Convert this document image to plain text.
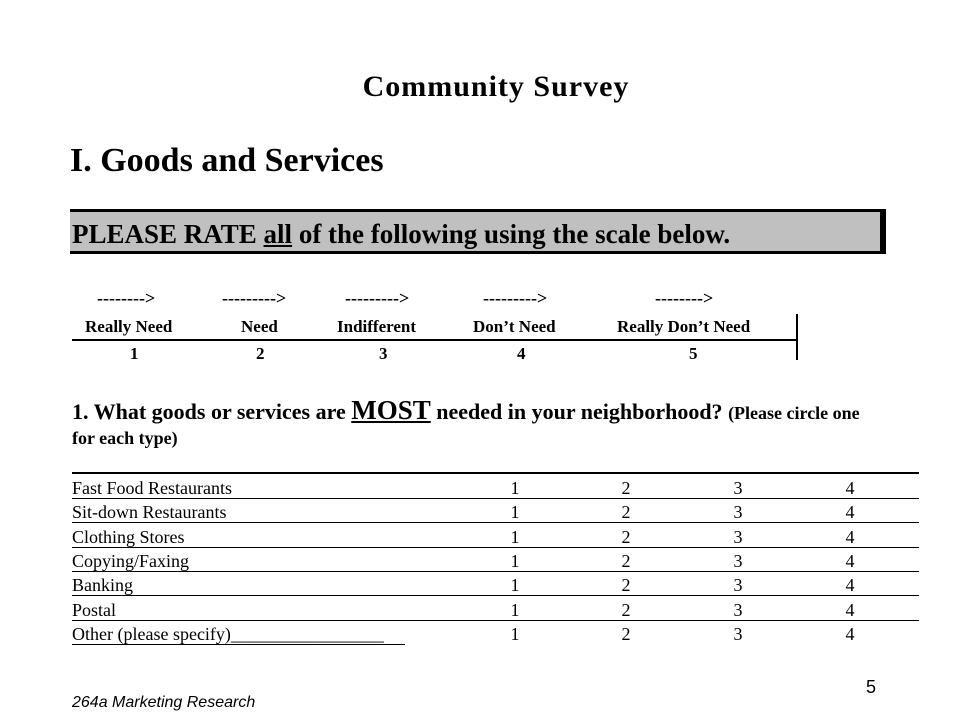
Community Survey
I. Goods and Services
PLEASE RATE all of the following using the scale below.
-------->	--------->	--------->	--------->	-------->
Really Need	Need	Indifferent	Don’t Need	Really Don’t Need
1	2	3	4	5
1. What goods or services are MOST needed in your neighborhood? (Please circle one
for each type)
Fast Food Restaurants	1	2	3	4
Sit-down Restaurants	1	2	3	4
Clothing Stores	1	2	3	4
Copying/Faxing	1	2	3	4
Banking	1	2	3	4
Postal	1	2	3	4
Other (please specify)_________________	1	2	3	4
264a Marketing Research
5
